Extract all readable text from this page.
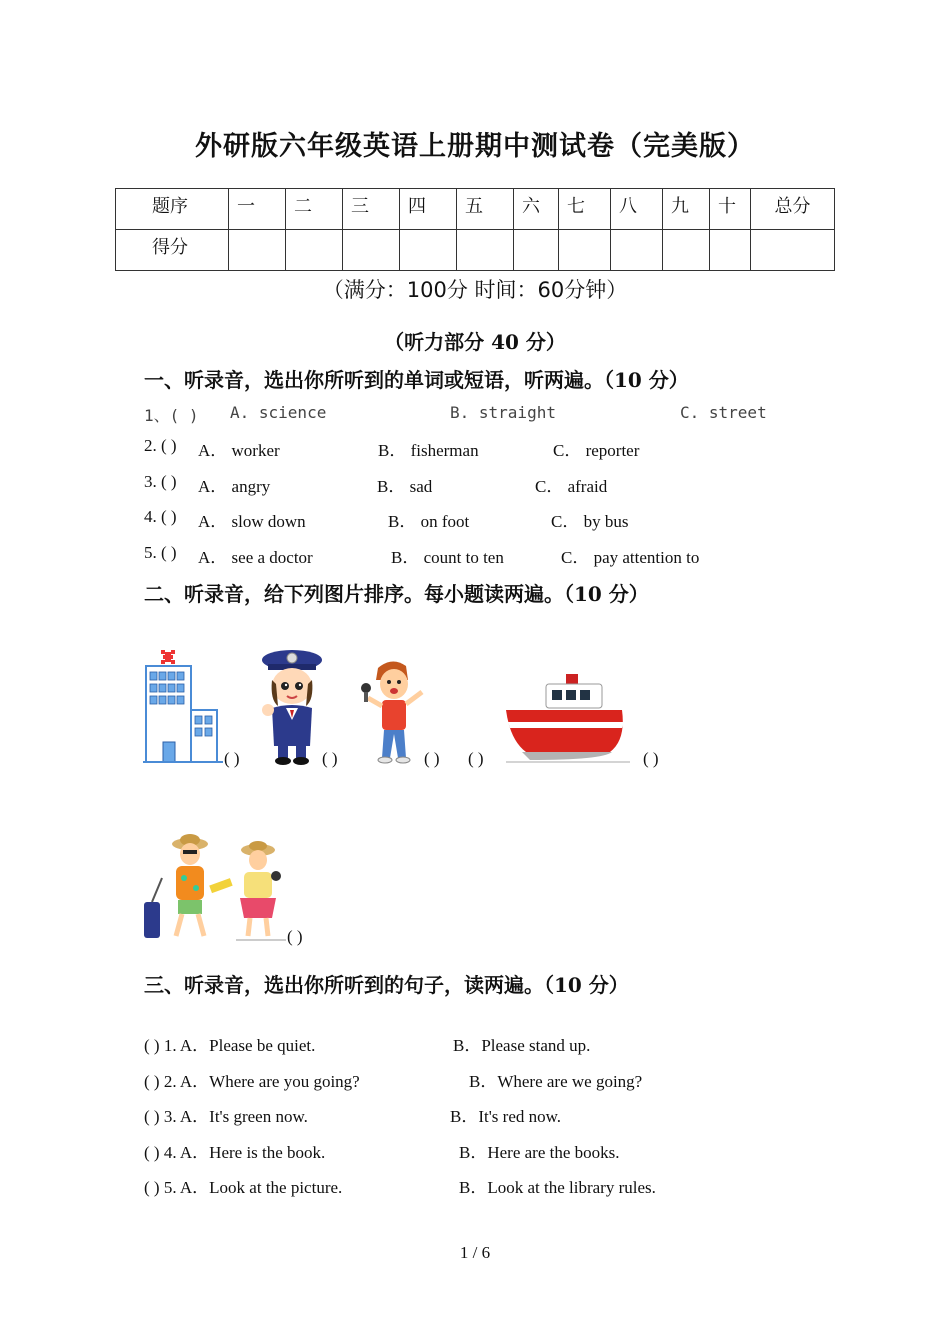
外研版六年级英语上册期中测试卷（完美版）
题序	一	二	三	四	五	六	七	八	九	十	总分
得分											
（满分：100分 时间：60分钟）
（听力部分 40 分）
一、听录音，选出你所听到的单词或短语，听两遍。（10 分）
1、( ) A. science	B. straight	C. street
2. ( ) A． worker	B． fisherman	C． reporter
3. ( ) A． angry	B． sad	C． afraid
4. ( ) A． slow down	B． on foot	C． by bus
5. ( ) A． see a doctor	B． count to ten	C． pay attention to
二、听录音，给下列图片排序。每小题读两遍。（10 分）
( )	( )	( ) ( )	( )
( )
三、听录音，选出你所听到的句子，读两遍。（10 分）
( ) 1. A．Please be quiet.	B．Please stand up.
( ) 2. A．Where are you going?	B．Where are we going?
( ) 3. A．It's green now.	B．It's red now.
( ) 4. A．Here is the book.	B．Here are the books.
( ) 5. A．Look at the picture.	B．Look at the library rules.
1 / 6
